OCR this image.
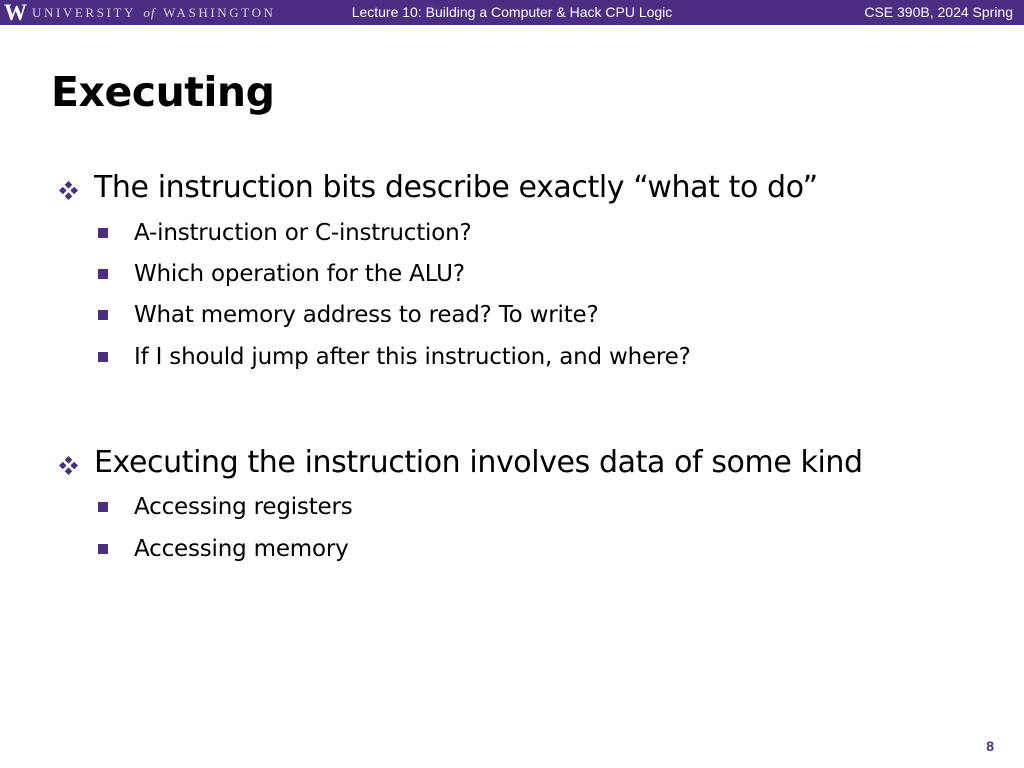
W UNIVERSITY of WASHINGTON	Lecture 10: Building a Computer & Hack CPU Logic	CSE 390B, 2024 Spring
Executing
The instruction bits describe exactly “what to do”
A-instruction or C-instruction?
Which operation for the ALU?
What memory address to read? To write?
If I should jump after this instruction, and where?
Executing the instruction involves data of some kind
Accessing registers
Accessing memory
8
